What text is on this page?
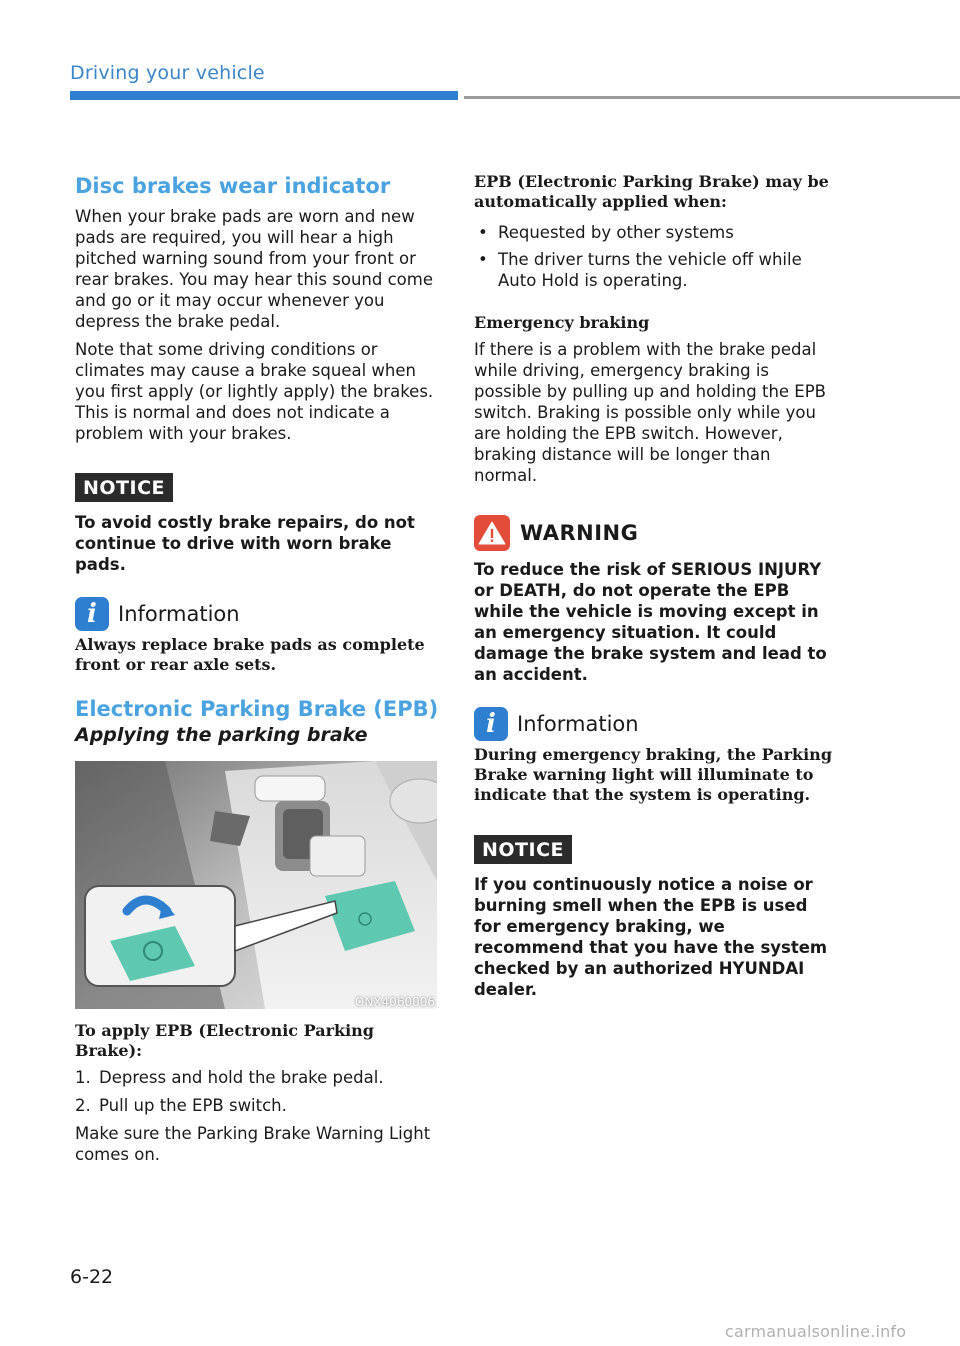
Driving your vehicle
Disc brakes wear indicator

When your brake pads are worn and new pads are required, you will hear a high pitched warning sound from your front or rear brakes. You may hear this sound come and go or it may occur whenever you depress the brake pedal.

Note that some driving conditions or climates may cause a brake squeal when you first apply (or lightly apply) the brakes. This is normal and does not indicate a problem with your brakes.

NOTICE

To avoid costly brake repairs, do not continue to drive with worn brake pads.

i Information

Always replace brake pads as complete front or rear axle sets.

Electronic Parking Brake (EPB)
Applying the parking brake
ONX4060006
To apply EPB (Electronic Parking Brake):
1. Depress and hold the brake pedal.
2. Pull up the EPB switch.

Make sure the Parking Brake Warning Light comes on.

EPB (Electronic Parking Brake) may be automatically applied when:
• Requested by other systems
• The driver turns the vehicle off while Auto Hold is operating.
Emergency braking

If there is a problem with the brake pedal while driving, emergency braking is possible by pulling up and holding the EPB switch. Braking is possible only while you are holding the EPB switch. However, braking distance will be longer than normal.

WARNING

To reduce the risk of SERIOUS INJURY or DEATH, do not operate the EPB while the vehicle is moving except in an emergency situation. It could damage the brake system and lead to an accident.

i Information

During emergency braking, the Parking Brake warning light will illuminate to indicate that the system is operating.

NOTICE

If you continuously notice a noise or burning smell when the EPB is used for emergency braking, we recommend that you have the system checked by an authorized HYUNDAI dealer.

6-22
carmanualsonline.info
